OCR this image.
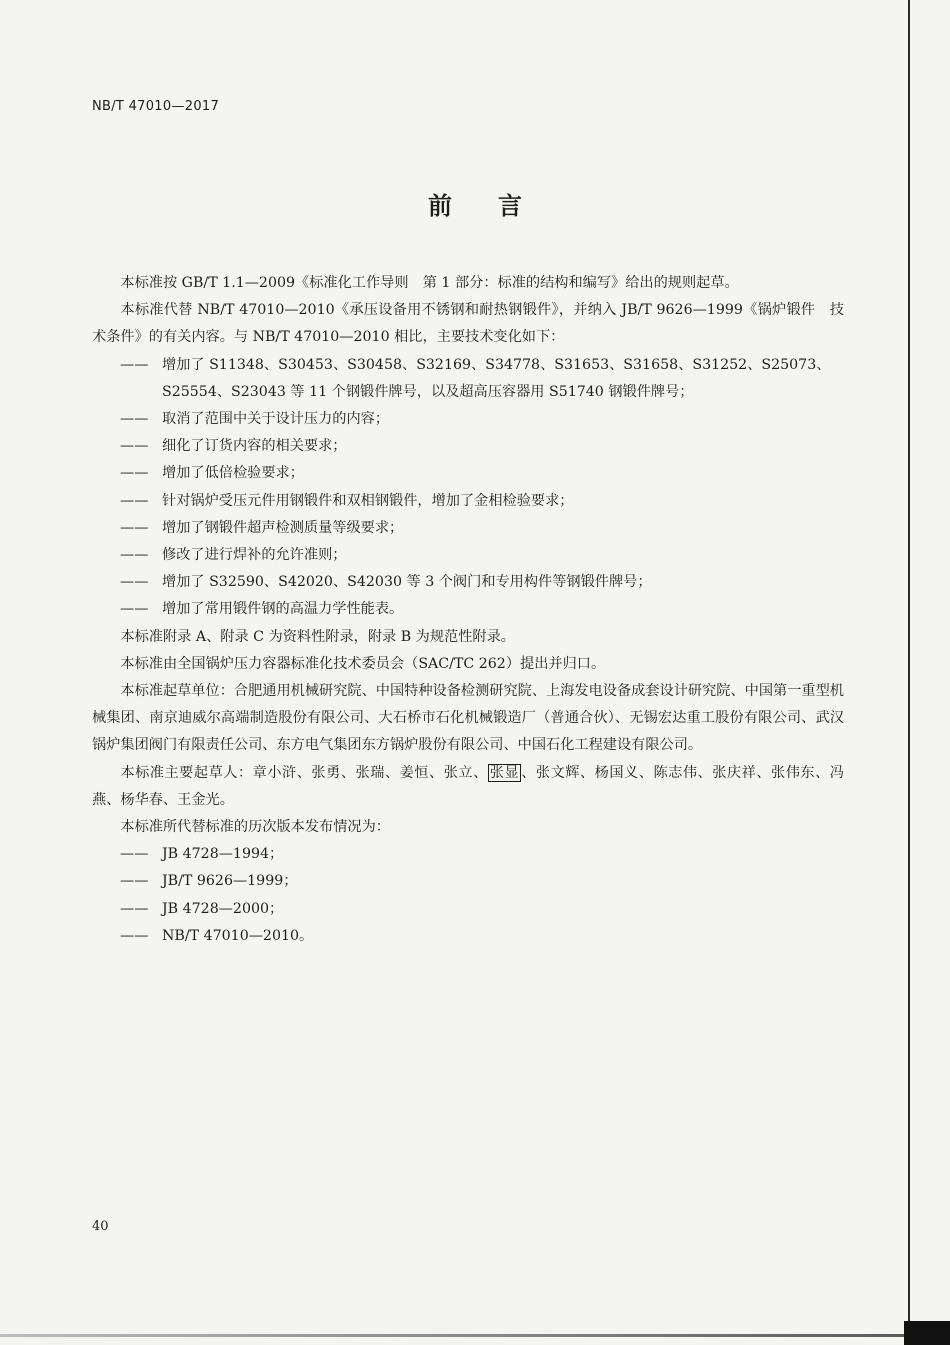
NB/T 47010—2017
前言

本标准按 GB/T 1.1—2009《标准化工作导则　第 1 部分：标准的结构和编写》给出的规则起草。

本标准代替 NB/T 47010—2010《承压设备用不锈钢和耐热钢锻件》，并纳入 JB/T 9626—1999《锅炉锻件　技术条件》的有关内容。与 NB/T 47010—2010 相比，主要技术变化如下：

—— 增加了 S11348、S30453、S30458、S32169、S34778、S31653、S31658、S31252、S25073、S25554、S23043 等 11 个钢锻件牌号，以及超高压容器用 S51740 钢锻件牌号；

—— 取消了范围中关于设计压力的内容；

—— 细化了订货内容的相关要求；

—— 增加了低倍检验要求；

—— 针对锅炉受压元件用钢锻件和双相钢锻件，增加了金相检验要求；

—— 增加了钢锻件超声检测质量等级要求；

—— 修改了进行焊补的允许准则；

—— 增加了 S32590、S42020、S42030 等 3 个阀门和专用构件等钢锻件牌号；

—— 增加了常用锻件钢的高温力学性能表。

本标准附录 A、附录 C 为资料性附录，附录 B 为规范性附录。

本标准由全国锅炉压力容器标准化技术委员会（SAC/TC 262）提出并归口。

本标准起草单位：合肥通用机械研究院、中国特种设备检测研究院、上海发电设备成套设计研究院、中国第一重型机械集团、南京迪威尔高端制造股份有限公司、大石桥市石化机械锻造厂（普通合伙）、无锡宏达重工股份有限公司、武汉锅炉集团阀门有限责任公司、东方电气集团东方锅炉股份有限公司、中国石化工程建设有限公司。

本标准主要起草人：章小浒、张勇、张瑞、姜恒、张立、 张显 、张文辉、杨国义、陈志伟、张庆祥、张伟东、冯燕、杨华春、王金光。

本标准所代替标准的历次版本发布情况为：

—— JB 4728—1994；

—— JB/T 9626—1999；

—— JB 4728—2000；

—— NB/T 47010—2010。

40
